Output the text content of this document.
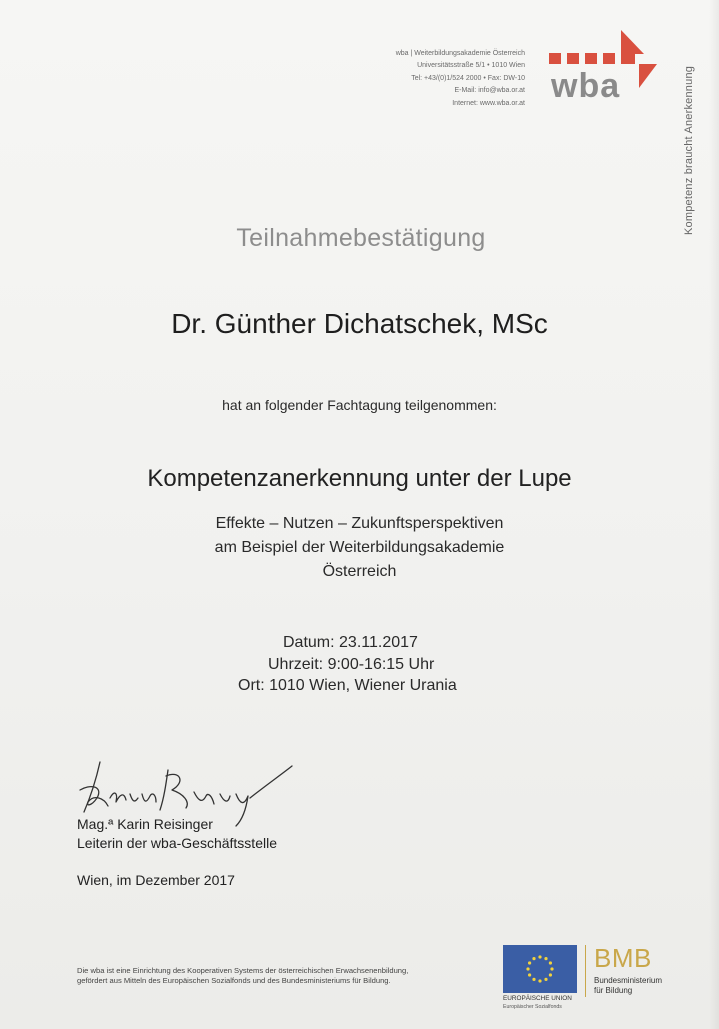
wba | Weiterbildungsakademie Österreich
Universitätsstraße 5/1 • 1010 Wien
Tel: +43/(0)1/524 2000 • Fax: DW-10
E-Mail: info@wba.or.at
Internet: www.wba.or.at wba	Kompetenz braucht Anerkennung
Teilnahmebestätigung
Dr. Günther Dichatschek, MSc
hat an folgender Fachtagung teilgenommen:
Kompetenzanerkennung unter der Lupe
Effekte – Nutzen – Zukunftsperspektiven
am Beispiel der Weiterbildungsakademie
Österreich
Datum: 23.11.2017
Uhrzeit: 9:00-16:15 Uhr
Ort: 1010 Wien, Wiener Urania
Mag.ª Karin Reisinger
Leiterin der wba-Geschäftsstelle
Wien, im Dezember 2017
Die wba ist eine Einrichtung des Kooperativen Systems der österreichischen Erwachsenenbildung,
gefördert aus Mitteln des Europäischen Sozialfonds und des Bundesministeriums für Bildung.
EUROPÄISCHE UNION
Europäischer Sozialfonds
BMB
Bundesministerium
für Bildung
